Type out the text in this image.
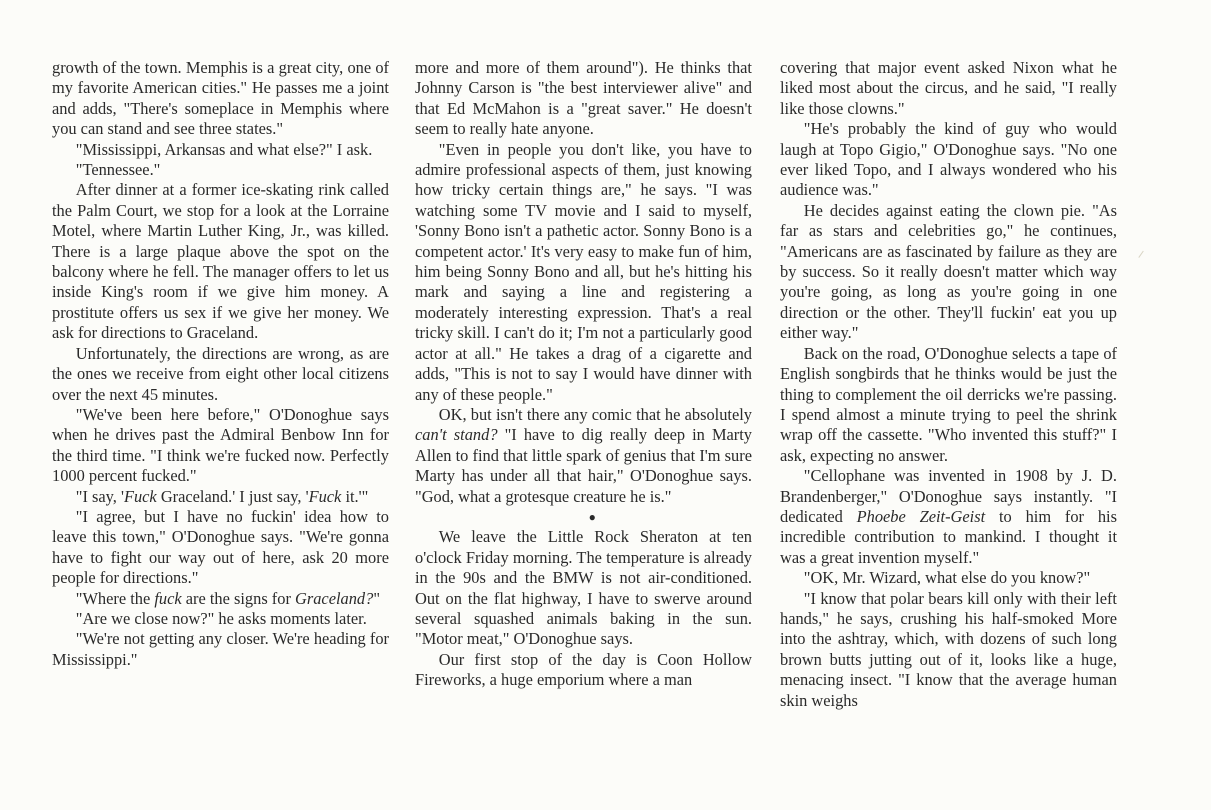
growth of the town. Memphis is a great city, one of my favorite American cities." He passes me a joint and adds, "There's someplace in Memphis where you can stand and see three states."

"Mississippi, Arkansas and what else?" I ask.

"Tennessee."

After dinner at a former ice-skating rink called the Palm Court, we stop for a look at the Lorraine Motel, where Martin Luther King, Jr., was killed. There is a large plaque above the spot on the balcony where he fell. The manager offers to let us inside King's room if we give him money. A prostitute offers us sex if we give her money. We ask for directions to Graceland.

Unfortunately, the directions are wrong, as are the ones we receive from eight other local citizens over the next 45 minutes.

"We've been here before," O'Donoghue says when he drives past the Admiral Benbow Inn for the third time. "I think we're fucked now. Perfectly 1000 percent fucked."

"I say, 'Fuck Graceland.' I just say, 'Fuck it.'"

"I agree, but I have no fuckin' idea how to leave this town," O'Donoghue says. "We're gonna have to fight our way out of here, ask 20 more people for directions."

"Where the fuck are the signs for Graceland?"

"Are we close now?" he asks moments later.

"We're not getting any closer. We're heading for Mississippi."

more and more of them around"). He thinks that Johnny Carson is "the best interviewer alive" and that Ed McMahon is a "great saver." He doesn't seem to really hate anyone.

"Even in people you don't like, you have to admire professional aspects of them, just knowing how tricky certain things are," he says. "I was watching some TV movie and I said to myself, 'Sonny Bono isn't a pathetic actor. Sonny Bono is a competent actor.' It's very easy to make fun of him, him being Sonny Bono and all, but he's hitting his mark and saying a line and registering a moderately interesting expression. That's a real tricky skill. I can't do it; I'm not a particularly good actor at all." He takes a drag of a cigarette and adds, "This is not to say I would have dinner with any of these people."

OK, but isn't there any comic that he absolutely can't stand? "I have to dig really deep in Marty Allen to find that little spark of genius that I'm sure Marty has under all that hair," O'Donoghue says. "God, what a grotesque creature he is."

●

We leave the Little Rock Sheraton at ten o'clock Friday morning. The temperature is already in the 90s and the BMW is not air-conditioned. Out on the flat highway, I have to swerve around several squashed animals baking in the sun. "Motor meat," O'Donoghue says.

Our first stop of the day is Coon Hollow Fireworks, a huge emporium where a man

covering that major event asked Nixon what he liked most about the circus, and he said, "I really like those clowns."

"He's probably the kind of guy who would laugh at Topo Gigio," O'Donoghue says. "No one ever liked Topo, and I always wondered who his audience was."

He decides against eating the clown pie. "As far as stars and celebrities go," he continues, "Americans are as fascinated by failure as they are by success. So it really doesn't matter which way you're going, as long as you're going in one direction or the other. They'll fuckin' eat you up either way."

Back on the road, O'Donoghue selects a tape of English songbirds that he thinks would be just the thing to complement the oil derricks we're passing. I spend almost a minute trying to peel the shrink wrap off the cassette. "Who invented this stuff?" I ask, expecting no answer.

"Cellophane was invented in 1908 by J. D. Brandenberger," O'Donoghue says instantly. "I dedicated Phoebe Zeit-Geist to him for his incredible contribution to mankind. I thought it was a great invention myself."

"OK, Mr. Wizard, what else do you know?"

"I know that polar bears kill only with their left hands," he says, crushing his half-smoked More into the ashtray, which, with dozens of such long brown butts jutting out of it, looks like a huge, menacing insect. "I know that the average human skin weighs
